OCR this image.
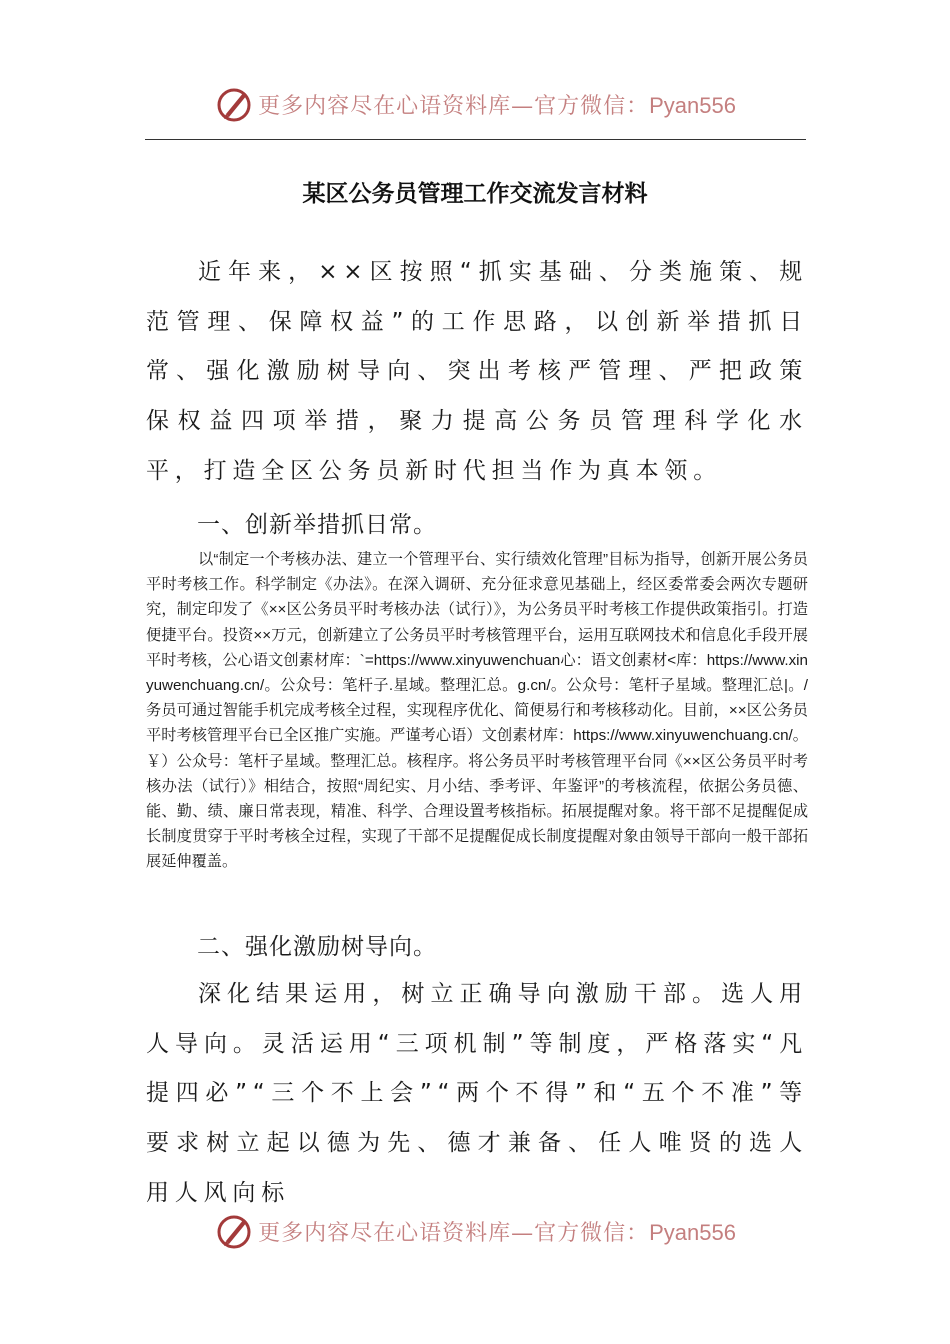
更多内容尽在心语资料库—官方微信：Pyan556
某区公务员管理工作交流发言材料

近年来，××区按照“抓实基础、分类施策、规范管理、保障权益”的工作思路，以创新举措抓日常、强化激励树导向、突出考核严管理、严把政策保权益四项举措，聚力提高公务员管理科学化水平，打造全区公务员新时代担当作为真本领。

一、创新举措抓日常。

以“制定一个考核办法、建立一个管理平台、实行绩效化管理”目标为指导，创新开展公务员平时考核工作。科学制定《办法》。在深入调研、充分征求意见基础上，经区委常委会两次专题研究，制定印发了《××区公务员平时考核办法（试行）》，为公务员平时考核工作提供政策指引。打造便捷平台。投资××万元，创新建立了公务员平时考核管理平台，运用互联网技术和信息化手段开展平时考核，公心语文创素材库：`=https://www.xinyuwenchuan心：语文创素材<库：https://www.xinyuwenchuang.cn/。公众号：笔杆子.星域。整理汇总。g.cn/。公众号：笔杆子星域。整理汇总|。/务员可通过智能手机完成考核全过程，实现程序优化、简便易行和考核移动化。目前，××区公务员平时考核管理平台已全区推广实施。严谨考心语）文创素材库：https://www.xinyuwenchuang.cn/。￥）公众号：笔杆子星域。整理汇总。核程序。将公务员平时考核管理平台同《××区公务员平时考核办法（试行）》相结合，按照“周纪实、月小结、季考评、年鉴评”的考核流程，依据公务员德、能、勤、绩、廉日常表现，精准、科学、合理设置考核指标。拓展提醒对象。将干部不足提醒促成长制度贯穿于平时考核全过程，实现了干部不足提醒促成长制度提醒对象由领导干部向一般干部拓展延伸覆盖。

二、强化激励树导向。

深化结果运用，树立正确导向激励干部。选人用人导向。灵活运用“三项机制”等制度，严格落实“凡提四必”“三个不上会”“两个不得”和“五个不准”等要求树立起以德为先、德才兼备、任人唯贤的选人用人风向标

更多内容尽在心语资料库—官方微信：Pyan556
